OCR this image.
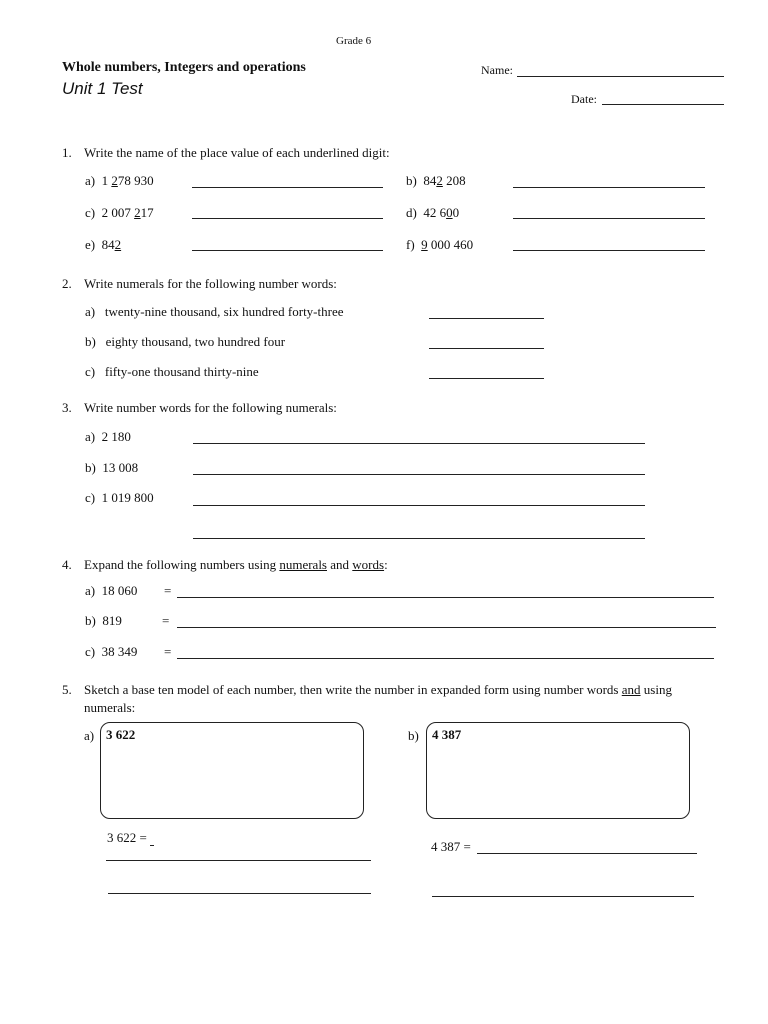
Grade 6
Whole numbers, Integers and operations
Unit 1 Test
Name:
Date:
1. Write the name of the place value of each underlined digit:
a) 1 278 930	b) 842 208
c) 2 007 217	d) 42 600
e) 842	f) 9 000 460
2. Write numerals for the following number words:
a) twenty-nine thousand, six hundred forty-three
b) eighty thousand, two hundred four
c) fifty-one thousand thirty-nine
3. Write number words for the following numerals:
a) 2 180
b) 13 008
c) 1 019 800
4. Expand the following numbers using numerals and words:
a) 18 060 =
b) 819	=
c) 38 349 =
5. Sketch a base ten model of each number, then write the number in expanded form using number words and using
numerals:
a) 3 622	b) 4 387
3 622 =
4 387 =
